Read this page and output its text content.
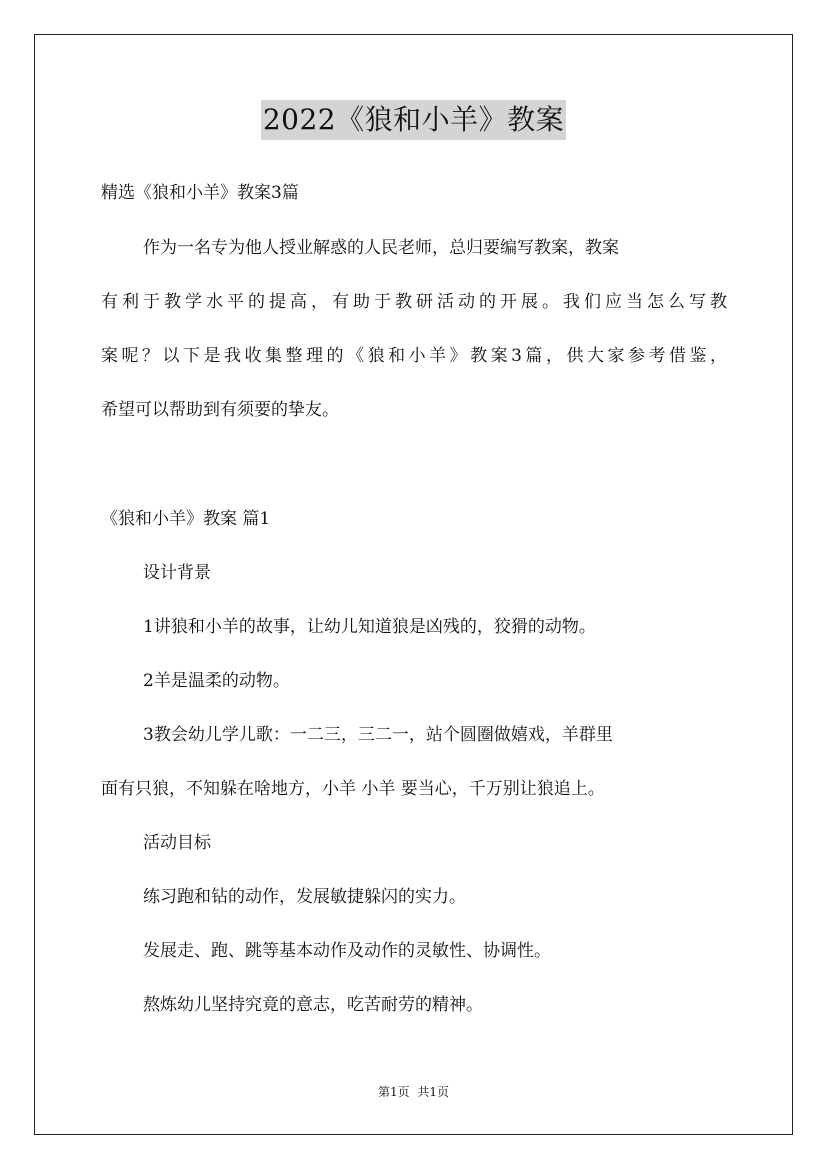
2022《狼和小羊》教案
精选《狼和小羊》教案3篇
作为一名专为他人授业解惑的人民老师，总归要编写教案，教案
有利于教学水平的提高，有助于教研活动的开展。我们应当怎么写教
案呢？以下是我收集整理的《狼和小羊》教案3篇，供大家参考借鉴，
希望可以帮助到有须要的挚友。
《狼和小羊》教案 篇1
设计背景
1讲狼和小羊的故事，让幼儿知道狼是凶残的，狡猾的动物。
2羊是温柔的动物。
3教会幼儿学儿歌：一二三，三二一，站个圆圈做嬉戏，羊群里
面有只狼，不知躲在啥地方，小羊 小羊 要当心，千万别让狼追上。
活动目标
练习跑和钻的动作，发展敏捷躲闪的实力。
发展走、跑、跳等基本动作及动作的灵敏性、协调性。
熬炼幼儿坚持究竟的意志，吃苦耐劳的精神。
第1页 共1页
